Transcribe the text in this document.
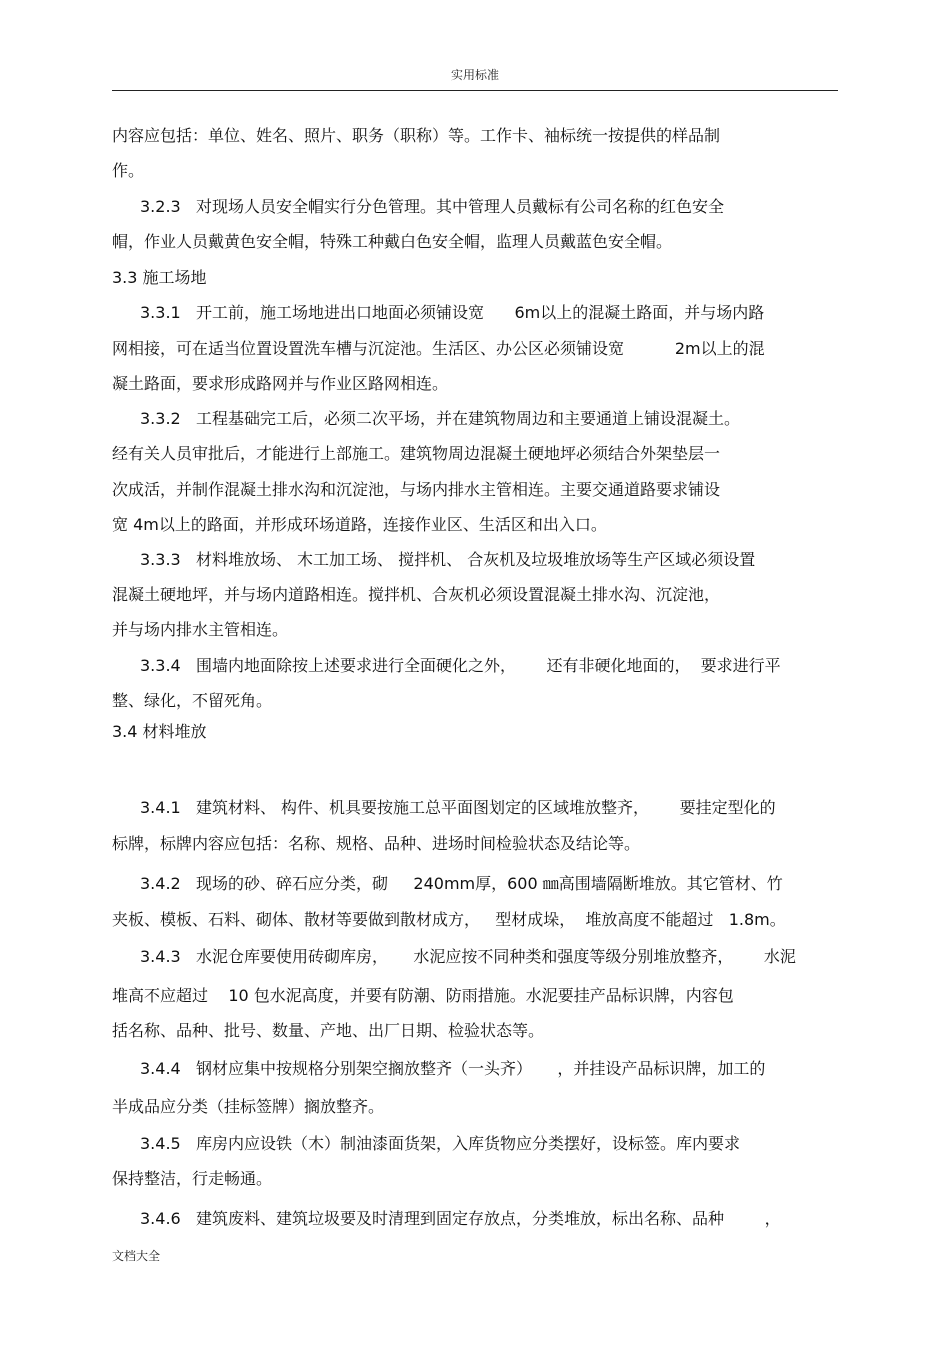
实用标准
内容应包括：单位、姓名、照片、职务（职称）等。工作卡、袖标统一按提供的样品制
作。
3.2.3   对现场人员安全帽实行分色管理。其中管理人员戴标有公司名称的红色安全
帽，作业人员戴黄色安全帽，特殊工种戴白色安全帽，监理人员戴蓝色安全帽。
3.3 施工场地
3.3.1   开工前，施工场地进出口地面必须铺设宽      6m以上的混凝土路面，并与场内路
网相接，可在适当位置设置洗车槽与沉淀池。生活区、办公区必须铺设宽          2m以上的混
凝土路面，要求形成路网并与作业区路网相连。
3.3.2   工程基础完工后，必须二次平场，并在建筑物周边和主要通道上铺设混凝土。
经有关人员审批后，才能进行上部施工。建筑物周边混凝土硬地坪必须结合外架垫层一
次成活，并制作混凝土排水沟和沉淀池，与场内排水主管相连。主要交通道路要求铺设
宽 4m以上的路面，并形成环场道路，连接作业区、生活区和出入口。
3.3.3   材料堆放场、 木工加工场、 搅拌机、 合灰机及垃圾堆放场等生产区域必须设置
混凝土硬地坪，并与场内道路相连。搅拌机、合灰机必须设置混凝土排水沟、沉淀池，
并与场内排水主管相连。
3.3.4   围墙内地面除按上述要求进行全面硬化之外，      还有非硬化地面的，  要求进行平
整、绿化，不留死角。
3.4 材料堆放
3.4.1   建筑材料、 构件、机具要按施工总平面图划定的区域堆放整齐，      要挂定型化的
标牌，标牌内容应包括：名称、规格、品种、进场时间检验状态及结论等。
3.4.2   现场的砂、碎石应分类，砌     240mm厚，600 ㎜高围墙隔断堆放。其它管材、竹
夹板、模板、石料、砌体、散材等要做到散材成方，   型材成垛，  堆放高度不能超过   1.8m。
3.4.3   水泥仓库要使用砖砌库房，     水泥应按不同种类和强度等级分别堆放整齐，      水泥
堆高不应超过    10 包水泥高度，并要有防潮、防雨措施。水泥要挂产品标识牌，内容包
括名称、品种、批号、数量、产地、出厂日期、检验状态等。
3.4.4   钢材应集中按规格分别架空搁放整齐（一头齐）     ，并挂设产品标识牌，加工的
半成品应分类（挂标签牌）搁放整齐。
3.4.5   库房内应设铁（木）制油漆面货架，入库货物应分类摆好，设标签。库内要求
保持整洁，行走畅通。
3.4.6   建筑废料、建筑垃圾要及时清理到固定存放点，分类堆放，标出名称、品种        ，
文档大全
